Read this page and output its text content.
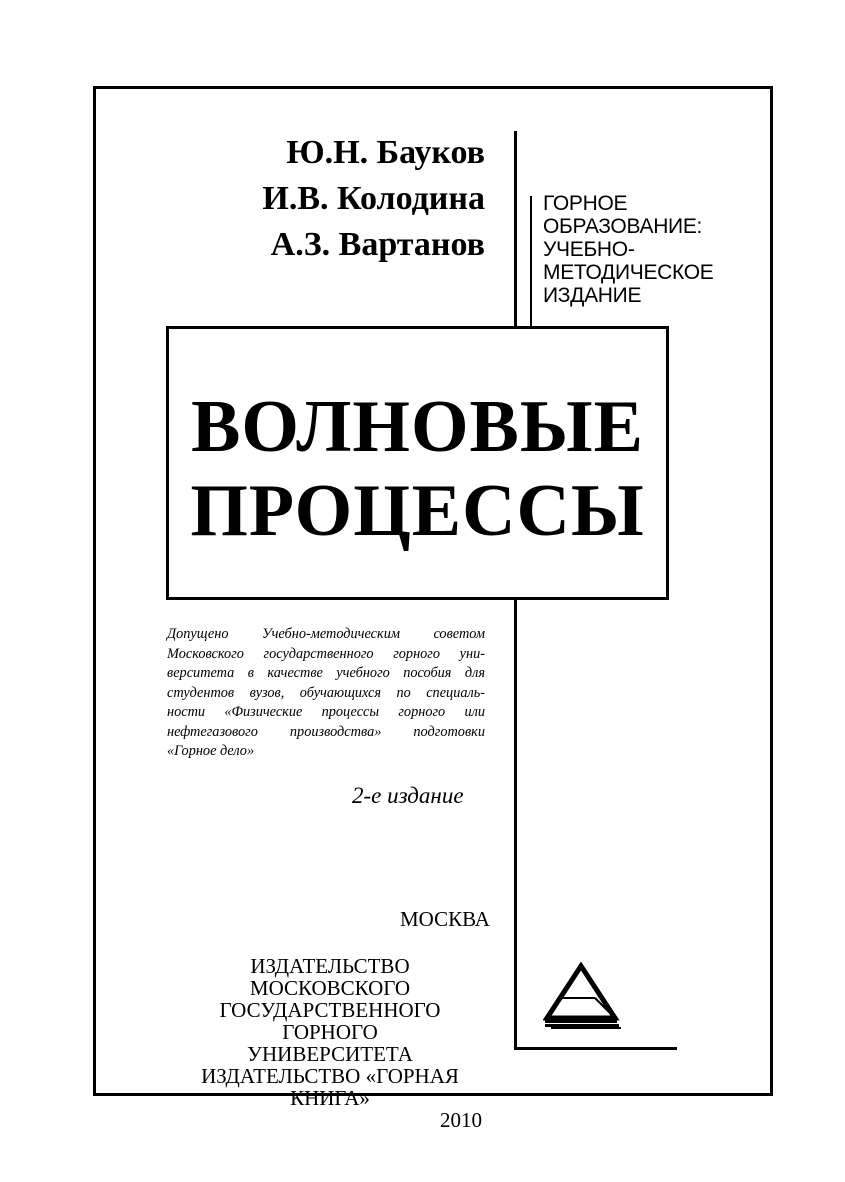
Ю.Н. Бауков
И.В. Колодина
А.З. Вартанов
ГОРНОЕ
ОБРАЗОВАНИЕ:
УЧЕБНО-
МЕТОДИЧЕСКОЕ
ИЗДАНИЕ
ВОЛНОВЫЕ
ПРОЦЕССЫ
Допущено Учебно-методическим советом
Московского государственного горного уни-
верситета в качестве учебного пособия для
студентов вузов, обучающихся по специаль-
ности «Физические процессы горного или
нефтегазового производства» подготовки
«Горное дело»
2-е издание
МОСКВА
ИЗДАТЕЛЬСТВО МОСКОВСКОГО
ГОСУДАРСТВЕННОГО ГОРНОГО
УНИВЕРСИТЕТА
ИЗДАТЕЛЬСТВО «ГОРНАЯ КНИГА»
2010
